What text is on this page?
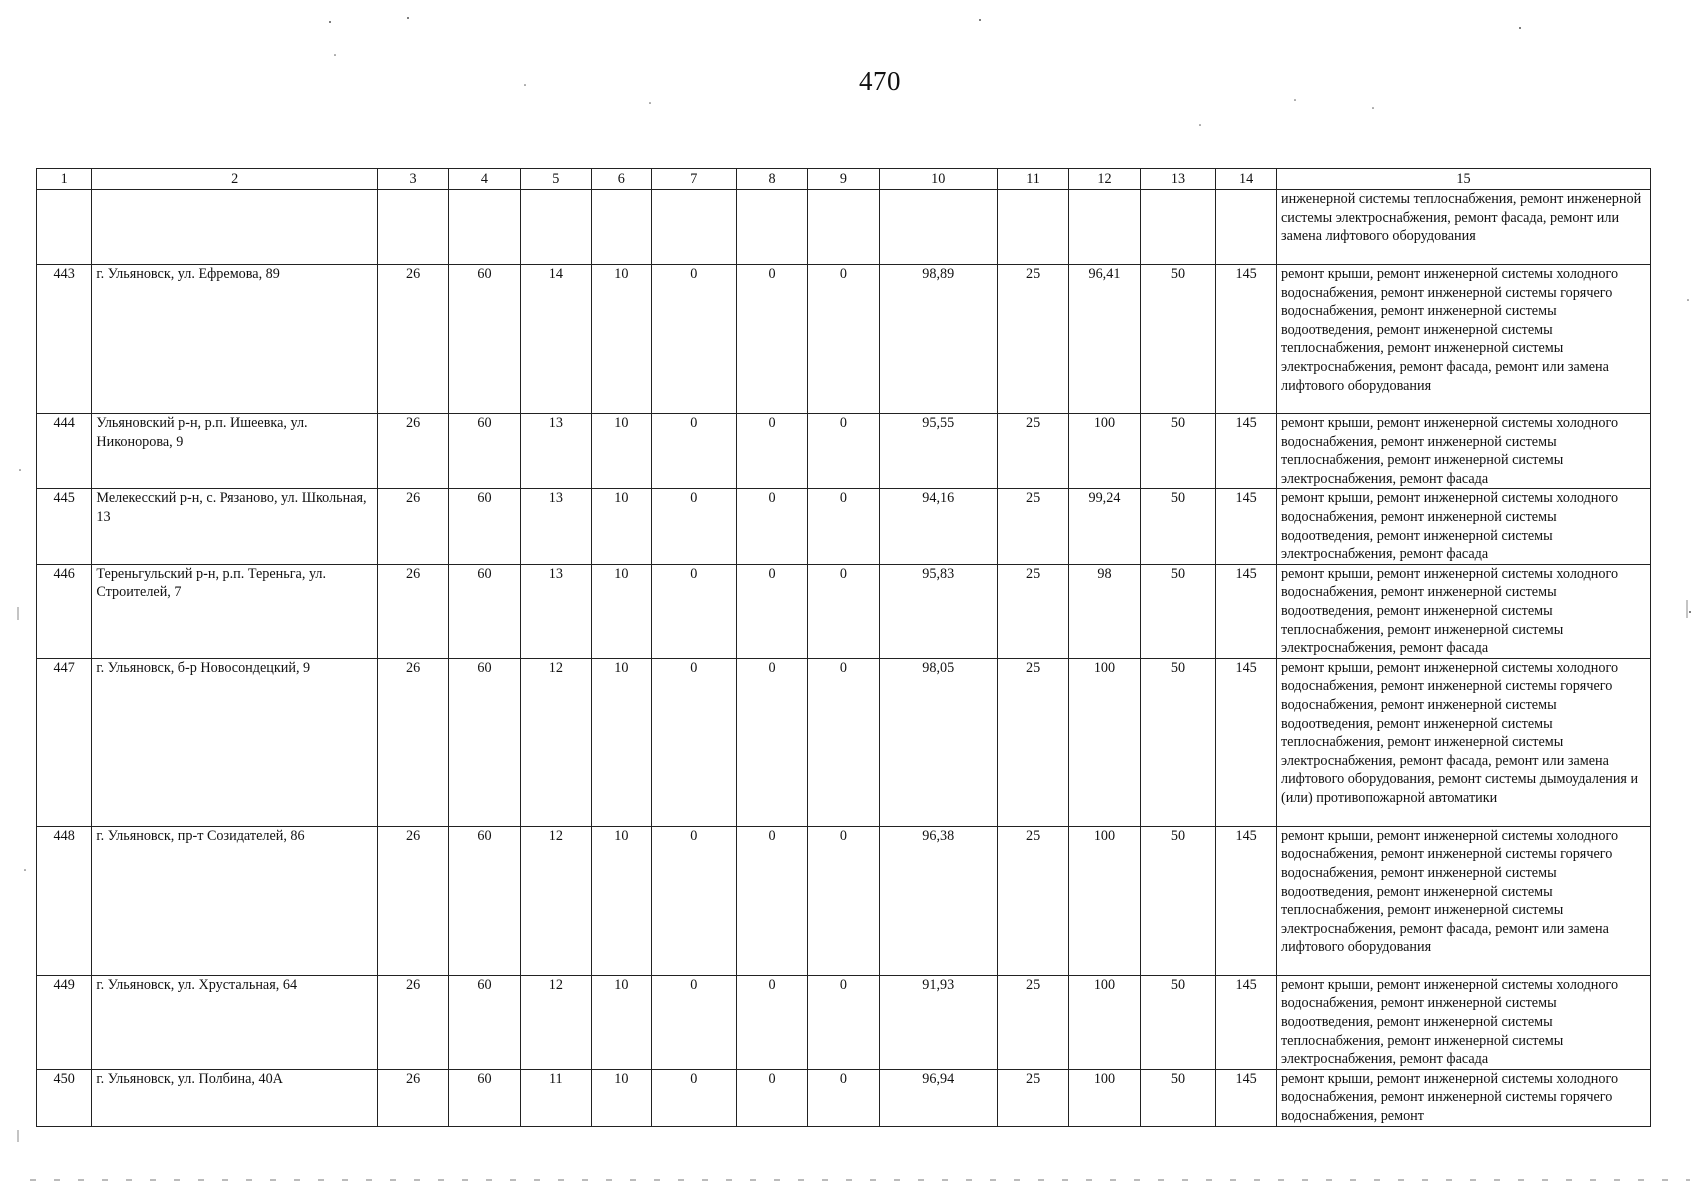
470
1	2	3	4	5	6	7	8	9	10	11	12	13	14	15
														инженерной системы теплоснабжения, ремонт инженерной системы электроснабжения, ремонт фасада, ремонт или замена лифтового оборудования
443	г. Ульяновск, ул. Ефремова, 89	26	60	14	10	0	0	0	98,89	25	96,41	50	145	ремонт крыши, ремонт инженерной системы холодного водоснабжения, ремонт инженерной системы горячего водоснабжения, ремонт инженерной системы водоотведения, ремонт инженерной системы теплоснабжения, ремонт инженерной системы электроснабжения, ремонт фасада, ремонт или замена лифтового оборудования
444	Ульяновский р-н, р.п. Ишеевка, ул. Никонорова, 9	26	60	13	10	0	0	0	95,55	25	100	50	145	ремонт крыши, ремонт инженерной системы холодного водоснабжения, ремонт инженерной системы теплоснабжения, ремонт инженерной системы электроснабжения, ремонт фасада
445	Мелекесский р-н, с. Рязаново, ул. Школьная, 13	26	60	13	10	0	0	0	94,16	25	99,24	50	145	ремонт крыши, ремонт инженерной системы холодного водоснабжения, ремонт инженерной системы водоотведения, ремонт инженерной системы электроснабжения, ремонт фасада
446	Тереньгульский р-н, р.п. Тереньга, ул. Строителей, 7	26	60	13	10	0	0	0	95,83	25	98	50	145	ремонт крыши, ремонт инженерной системы холодного водоснабжения, ремонт инженерной системы водоотведения, ремонт инженерной системы теплоснабжения, ремонт инженерной системы электроснабжения, ремонт фасада
447	г. Ульяновск, б-р Новосондецкий, 9	26	60	12	10	0	0	0	98,05	25	100	50	145	ремонт крыши, ремонт инженерной системы холодного водоснабжения, ремонт инженерной системы горячего водоснабжения, ремонт инженерной системы водоотведения, ремонт инженерной системы теплоснабжения, ремонт инженерной системы электроснабжения, ремонт фасада, ремонт или замена лифтового оборудования, ремонт системы дымоудаления и (или) противопожарной автоматики
448	г. Ульяновск, пр-т Созидателей, 86	26	60	12	10	0	0	0	96,38	25	100	50	145	ремонт крыши, ремонт инженерной системы холодного водоснабжения, ремонт инженерной системы горячего водоснабжения, ремонт инженерной системы водоотведения, ремонт инженерной системы теплоснабжения, ремонт инженерной системы электроснабжения, ремонт фасада, ремонт или замена лифтового оборудования
449	г. Ульяновск, ул. Хрустальная, 64	26	60	12	10	0	0	0	91,93	25	100	50	145	ремонт крыши, ремонт инженерной системы холодного водоснабжения, ремонт инженерной системы водоотведения, ремонт инженерной системы теплоснабжения, ремонт инженерной системы электроснабжения, ремонт фасада
450	г. Ульяновск, ул. Полбина, 40А	26	60	11	10	0	0	0	96,94	25	100	50	145	ремонт крыши, ремонт инженерной системы холодного водоснабжения, ремонт инженерной системы горячего водоснабжения, ремонт
